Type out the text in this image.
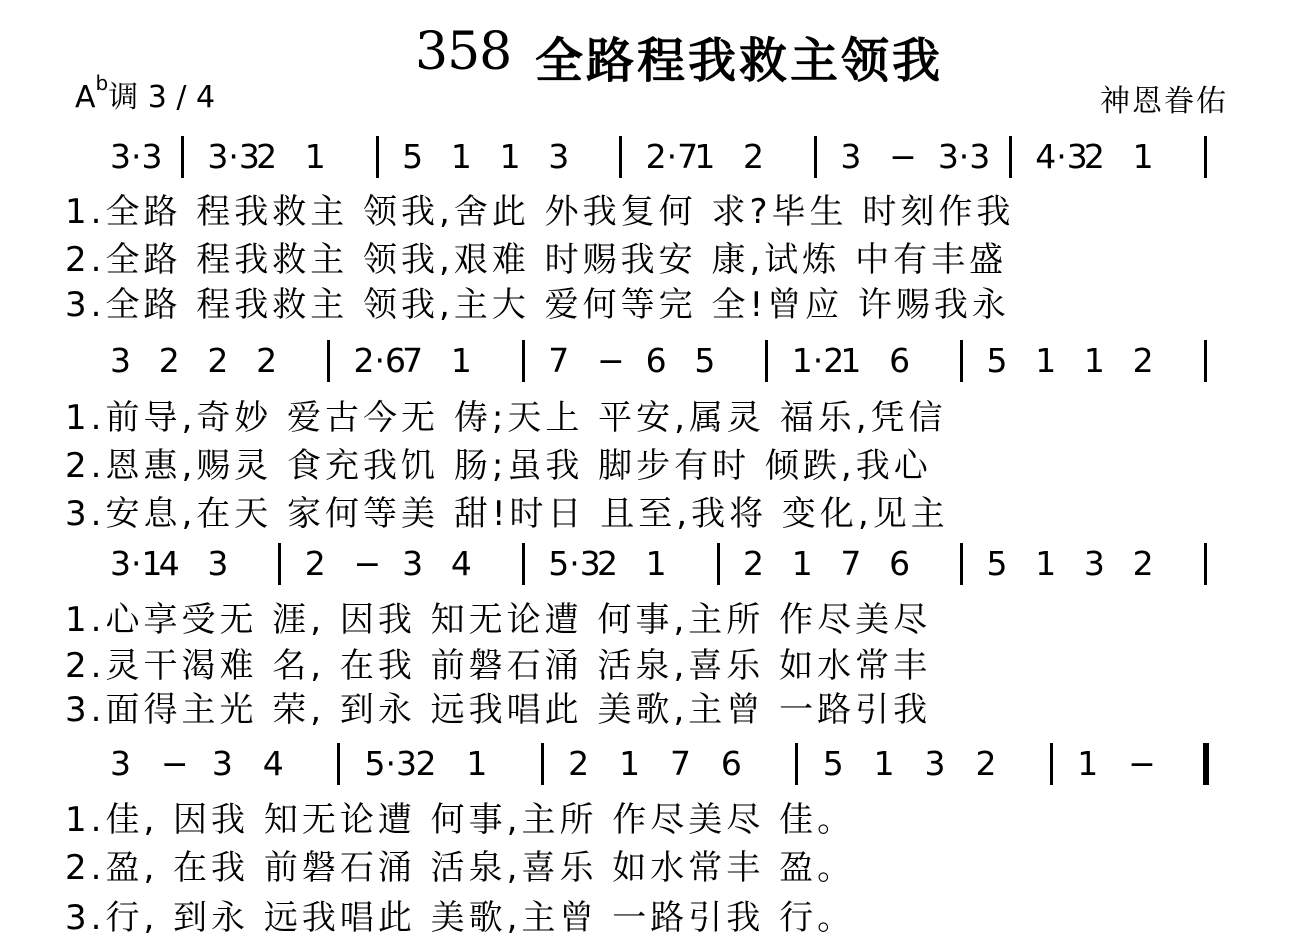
358 全路程我救主领我
$A^b$调 3 / 4	神恩眷佑
3·3 3·3
2 1 5 1 1 3 2·7
1 2 3 − 3·3 4·3
2 1
1.全路 程我救主 领我,舍此 外我复何 求?毕生 时刻作我
2.全路 程我救主 领我,艰难 时赐我安 康,试炼 中有丰盛
3.全路 程我救主 领我,主大 爱何等完 全!曾应 许赐我永
3 2 2 2 2·6
7 1 7 − 6 5 1·2
1 6 5 1 1 2
1.前导,奇妙 爱古今无 俦;天上 平安,属灵 福乐,凭信
2.恩惠,赐灵 食充我饥 肠;虽我 脚步有时 倾跌,我心
3.安息,在天 家何等美 甜!时日 且至,我将 变化,见主
3·1
4 3 2 − 3 4 5·3
2 1 2 1 7 6 5 1 3 2
1.心享受无 涯, 因我 知无论遭 何事,主所 作尽美尽
2.灵干渴难 名, 在我 前磐石涌 活泉,喜乐 如水常丰
3.面得主光 荣, 到永 远我唱此 美歌,主曾 一路引我
3 − 3 4 5·3
2 1 2 1 7 6 5 1 3 2 1 −
1.佳, 因我 知无论遭 何事,主所 作尽美尽 佳。
2.盈, 在我 前磐石涌 活泉,喜乐 如水常丰 盈。
3.行, 到永 远我唱此 美歌,主曾 一路引我 行。
